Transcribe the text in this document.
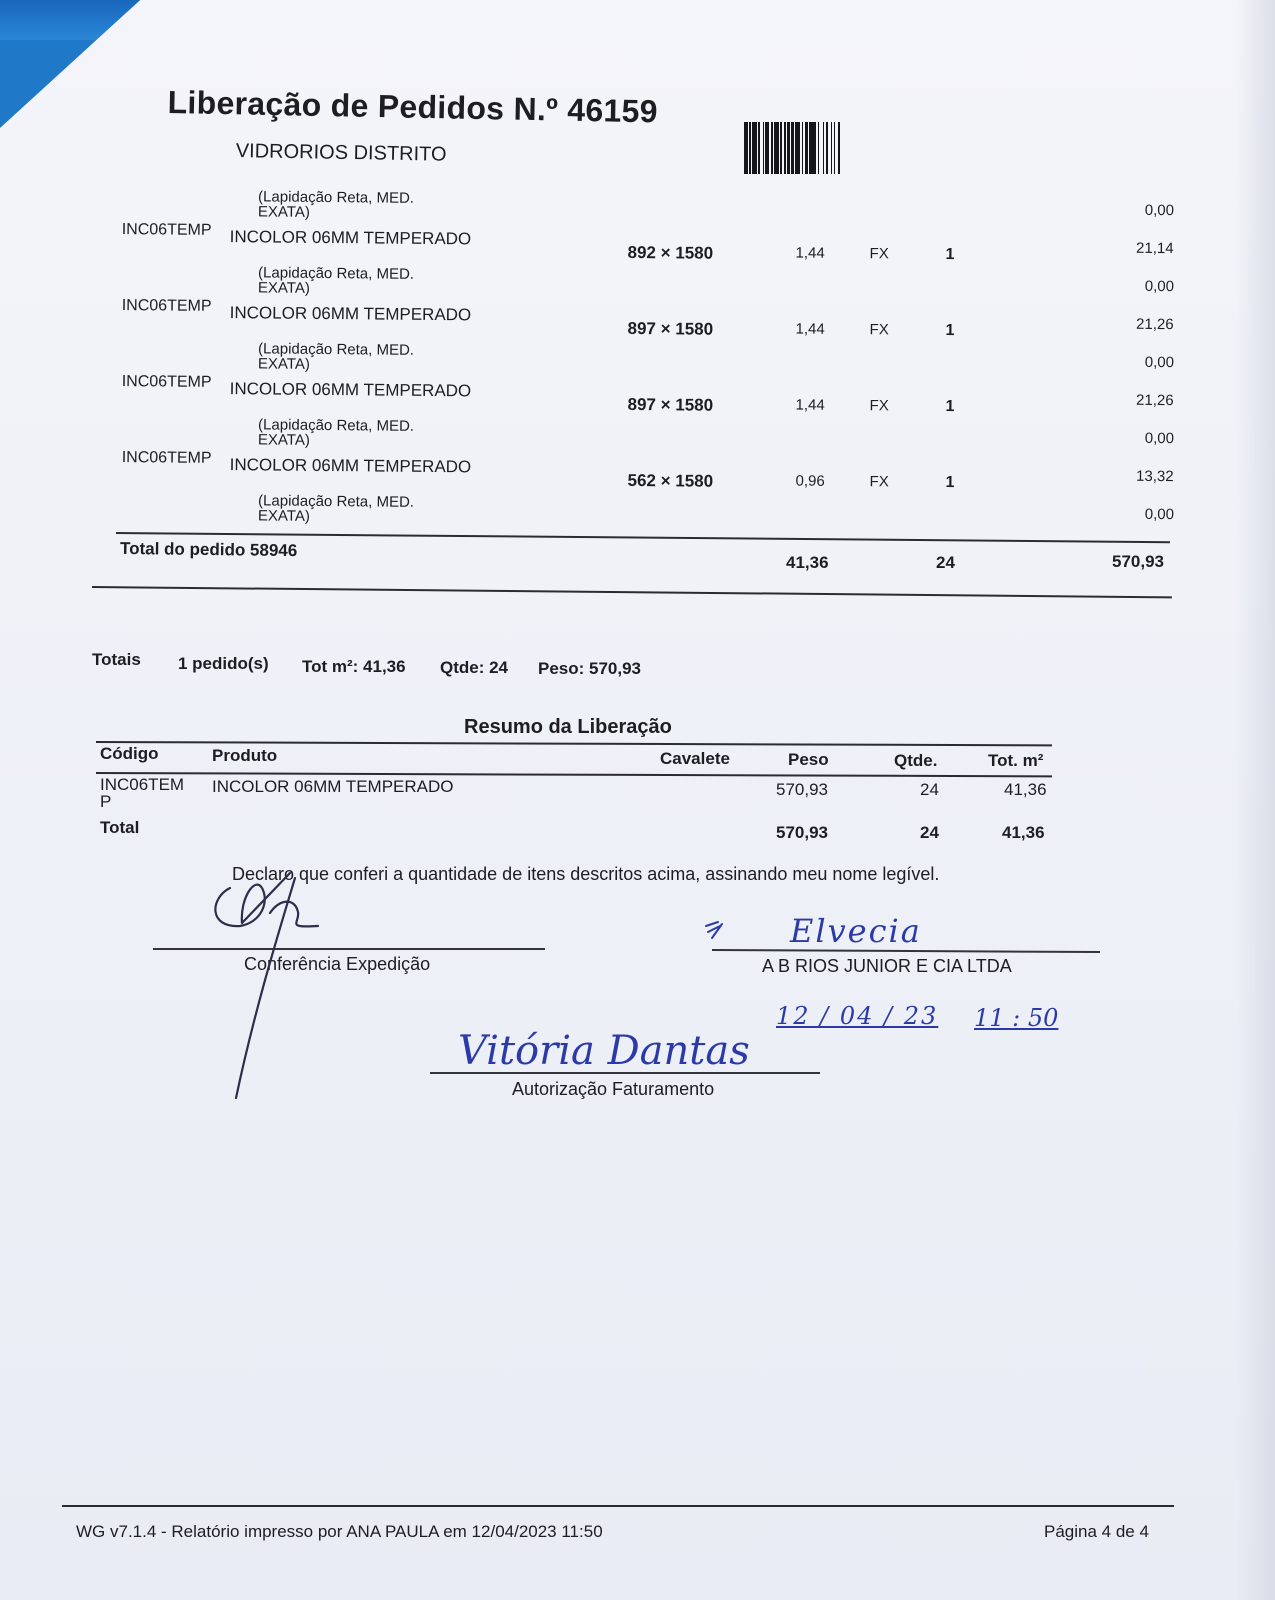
Liberação de Pedidos N.º 46159
VIDRORIOS DISTRITO
(Lapidação Reta, MED. EXATA)	0,00
INC06TEMP INCOLOR 06MM TEMPERADO
892 × 1580	1,44	FX	1	21,14
(Lapidação Reta, MED. EXATA)	0,00
INC06TEMP INCOLOR 06MM TEMPERADO
897 × 1580	1,44	FX	1	21,26
(Lapidação Reta, MED. EXATA)	0,00
INC06TEMP INCOLOR 06MM TEMPERADO
897 × 1580	1,44	FX	1	21,26
(Lapidação Reta, MED. EXATA)	0,00
INC06TEMP INCOLOR 06MM TEMPERADO
562 × 1580	0,96	FX	1	13,32
(Lapidação Reta, MED. EXATA)	0,00
Total do pedido 58946
41,36	24	570,93
Totais 1 pedido(s) Tot m²: 41,36 Qtde: 24 Peso: 570,93
Resumo da Liberação
Código	Produto	Cavalete	Peso	Qtde.	Tot. m²
INC06TEM P
INCOLOR 06MM TEMPERADO	570,93	24	41,36
Total	570,93	24	41,36
Declaro que conferi a quantidade de itens descritos acima, assinando meu nome legível.
Conferência Expedição	A B RIOS JUNIOR E CIA LTDA
Autorização Faturamento
Elvecia
12 / 04 / 23 11 : 50
Vitória Dantas
WG v7.1.4 - Relatório impresso por ANA PAULA em 12/04/2023 11:50	Página 4 de 4
